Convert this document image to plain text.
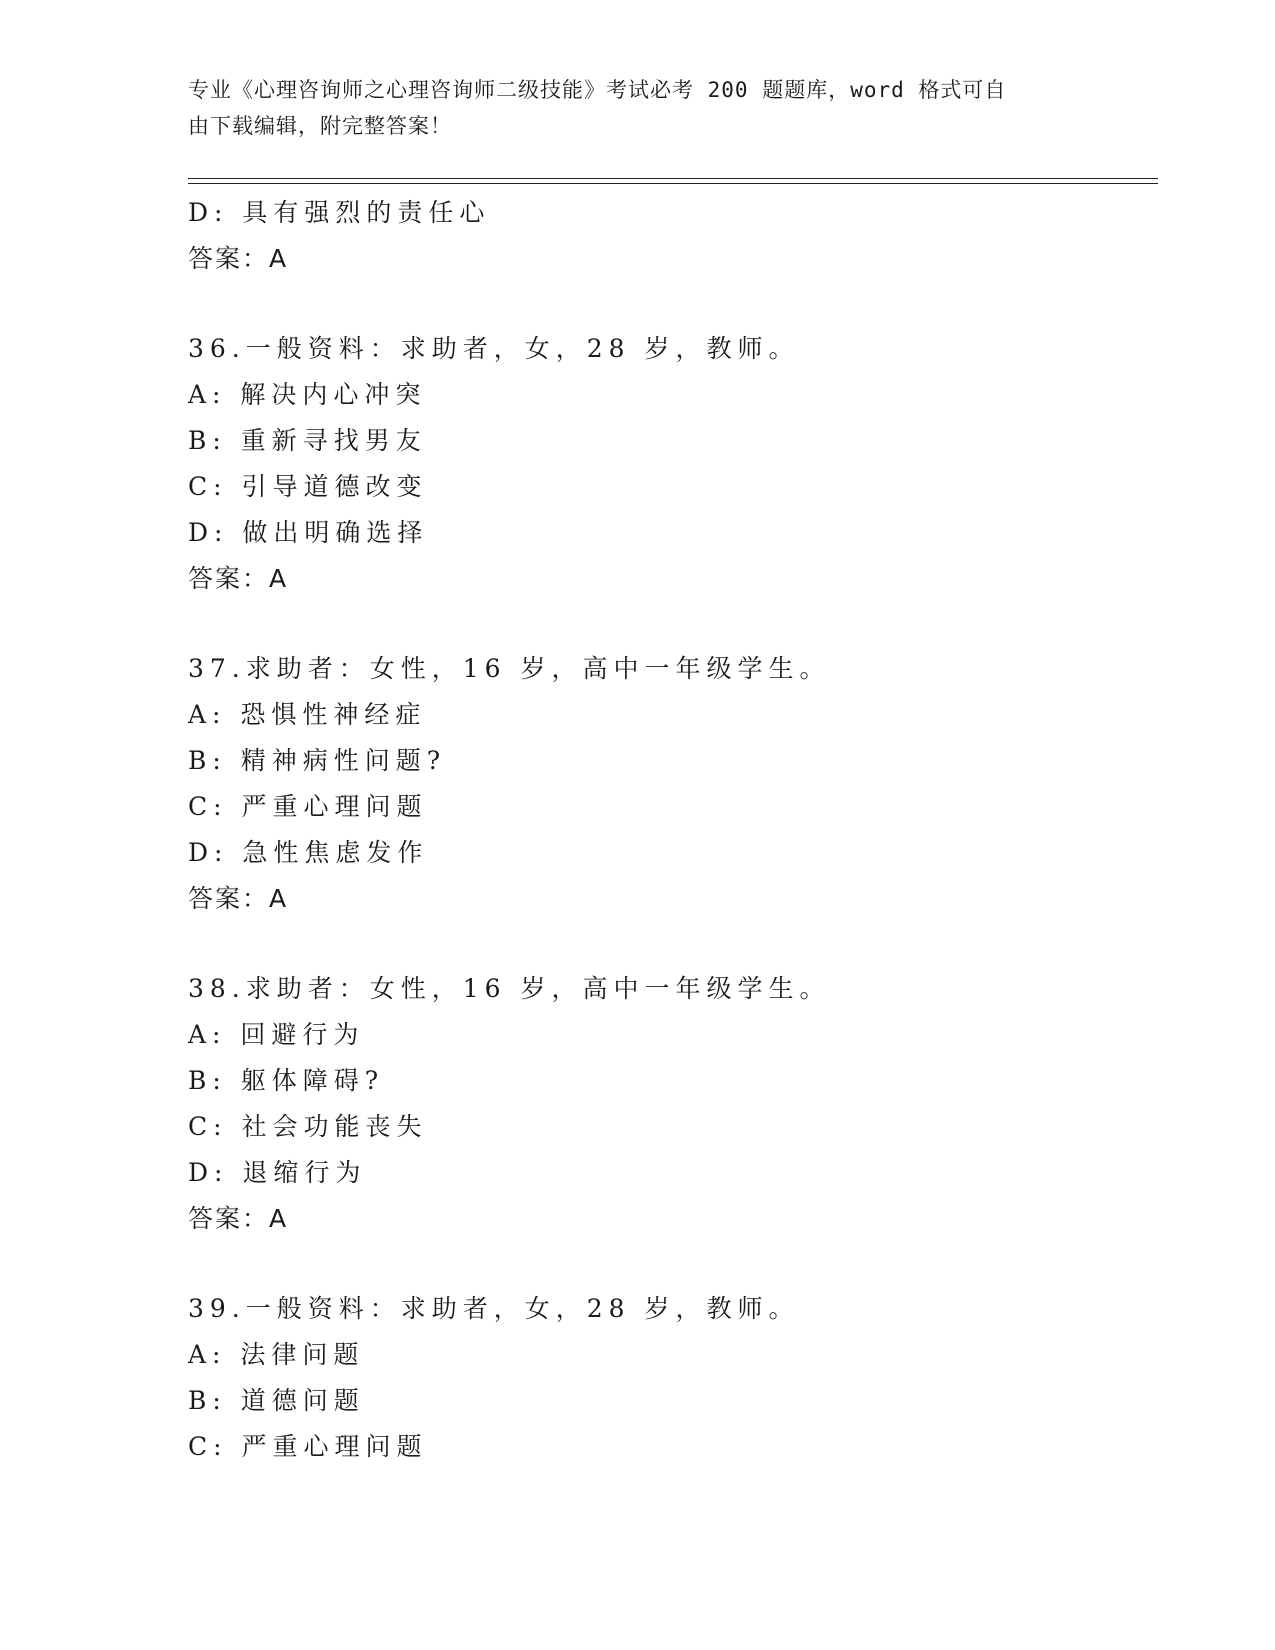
专业《心理咨询师之心理咨询师二级技能》考试必考 200 题题库，word 格式可自
由下载编辑，附完整答案！
D: 具有强烈的责任心
答案：A
36.一般资料：求助者，女，28 岁，教师。
A: 解决内心冲突
B: 重新寻找男友
C: 引导道德改变
D: 做出明确选择
答案：A
37.求助者：女性，16 岁，高中一年级学生。
A: 恐惧性神经症
B: 精神病性问题?
C: 严重心理问题
D: 急性焦虑发作
答案：A
38.求助者：女性，16 岁，高中一年级学生。
A: 回避行为
B: 躯体障碍?
C: 社会功能丧失
D: 退缩行为
答案：A
39.一般资料：求助者，女，28 岁，教师。
A: 法律问题
B: 道德问题
C: 严重心理问题
